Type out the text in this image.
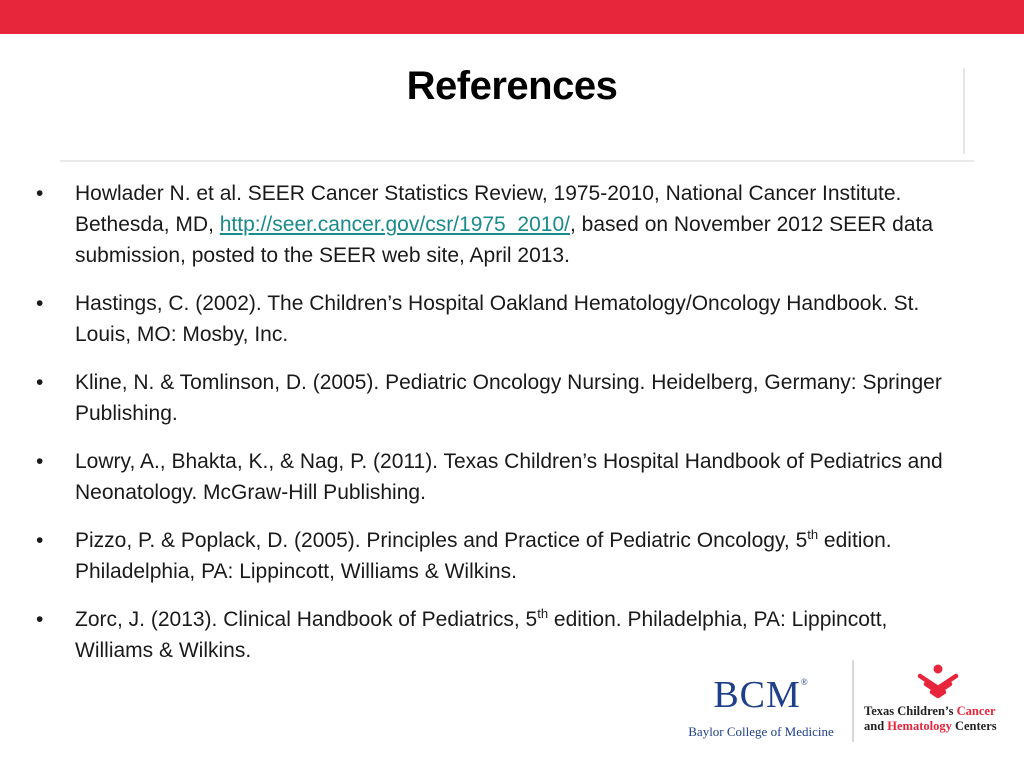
References
• Howlader N. et al. SEER Cancer Statistics Review, 1975-2010, National Cancer Institute. Bethesda, MD, http://seer.cancer.gov/csr/1975_2010/, based on November 2012 SEER data submission, posted to the SEER web site, April 2013.
• Hastings, C. (2002). The Children’s Hospital Oakland Hematology/Oncology Handbook. St. Louis, MO: Mosby, Inc.
• Kline, N. & Tomlinson, D. (2005). Pediatric Oncology Nursing. Heidelberg, Germany: Springer Publishing.
• Lowry, A., Bhakta, K., & Nag, P. (2011). Texas Children’s Hospital Handbook of Pediatrics and Neonatology. McGraw-Hill Publishing.
• Pizzo, P. & Poplack, D. (2005). Principles and Practice of Pediatric Oncology, 5th edition. Philadelphia, PA: Lippincott, Williams & Wilkins.
• Zorc, J. (2013). Clinical Handbook of Pediatrics, 5th edition. Philadelphia, PA: Lippincott, Williams & Wilkins.
BCM®
Baylor College of Medicine
Texas Children’s Cancer
and Hematology Centers
